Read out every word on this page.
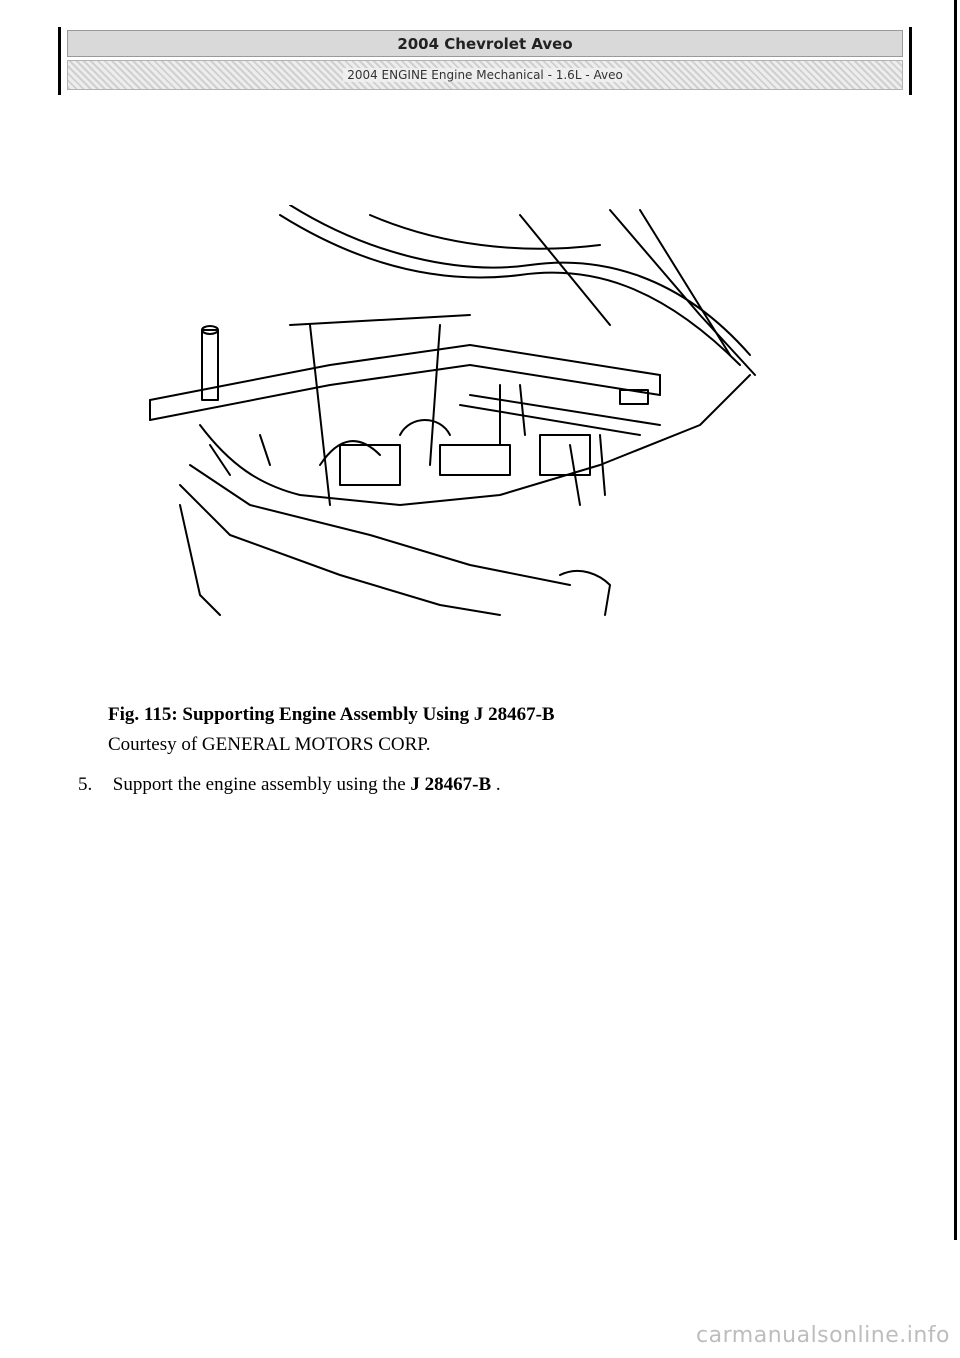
2004 Chevrolet Aveo
2004 ENGINE Engine Mechanical - 1.6L - Aveo
Fig. 115: Supporting Engine Assembly Using J 28467-B
Courtesy of GENERAL MOTORS CORP.
5. Support the engine assembly using the J 28467-B .
carmanualsonline.info
